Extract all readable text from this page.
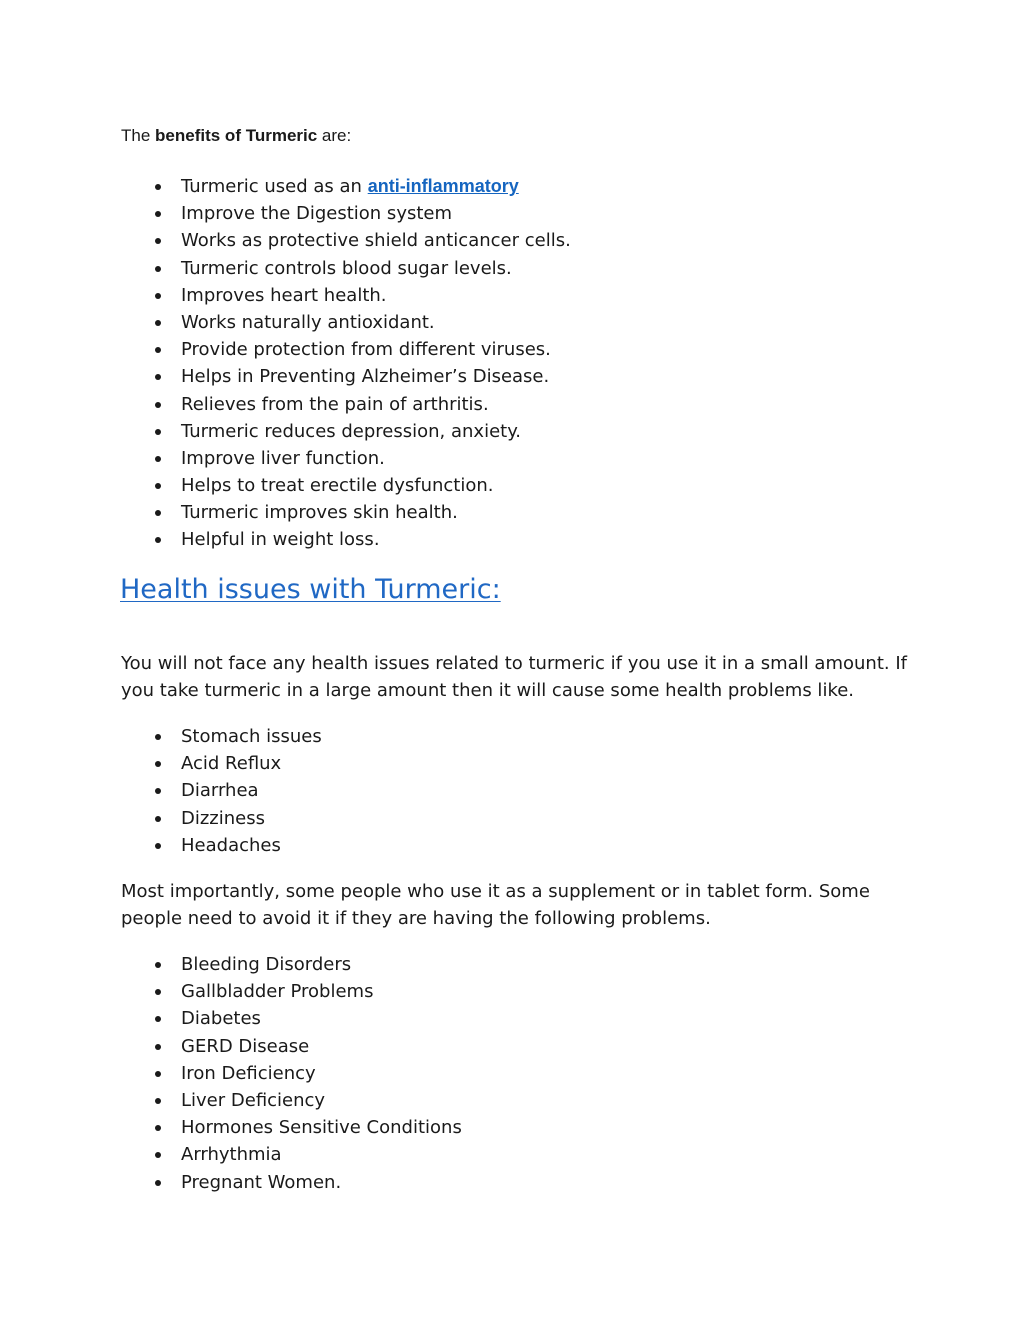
The benefits of Turmeric are:

Turmeric used as an anti-inflammatory
Improve the Digestion system
Works as protective shield anticancer cells.
Turmeric controls blood sugar levels.
Improves heart health.
Works naturally antioxidant.
Provide protection from different viruses.
Helps in Preventing Alzheimer’s Disease.
Relieves from the pain of arthritis.
Turmeric reduces depression, anxiety.
Improve liver function.
Helps to treat erectile dysfunction.
Turmeric improves skin health.
Helpful in weight loss.
Health issues with Turmeric:

You will not face any health issues related to turmeric if you use it in a small amount. If you take turmeric in a large amount then it will cause some health problems like.

Stomach issues
Acid Reflux
Diarrhea
Dizziness
Headaches

Most importantly, some people who use it as a supplement or in tablet form. Some people need to avoid it if they are having the following problems.

Bleeding Disorders
Gallbladder Problems
Diabetes
GERD Disease
Iron Deficiency
Liver Deficiency
Hormones Sensitive Conditions
Arrhythmia
Pregnant Women.
